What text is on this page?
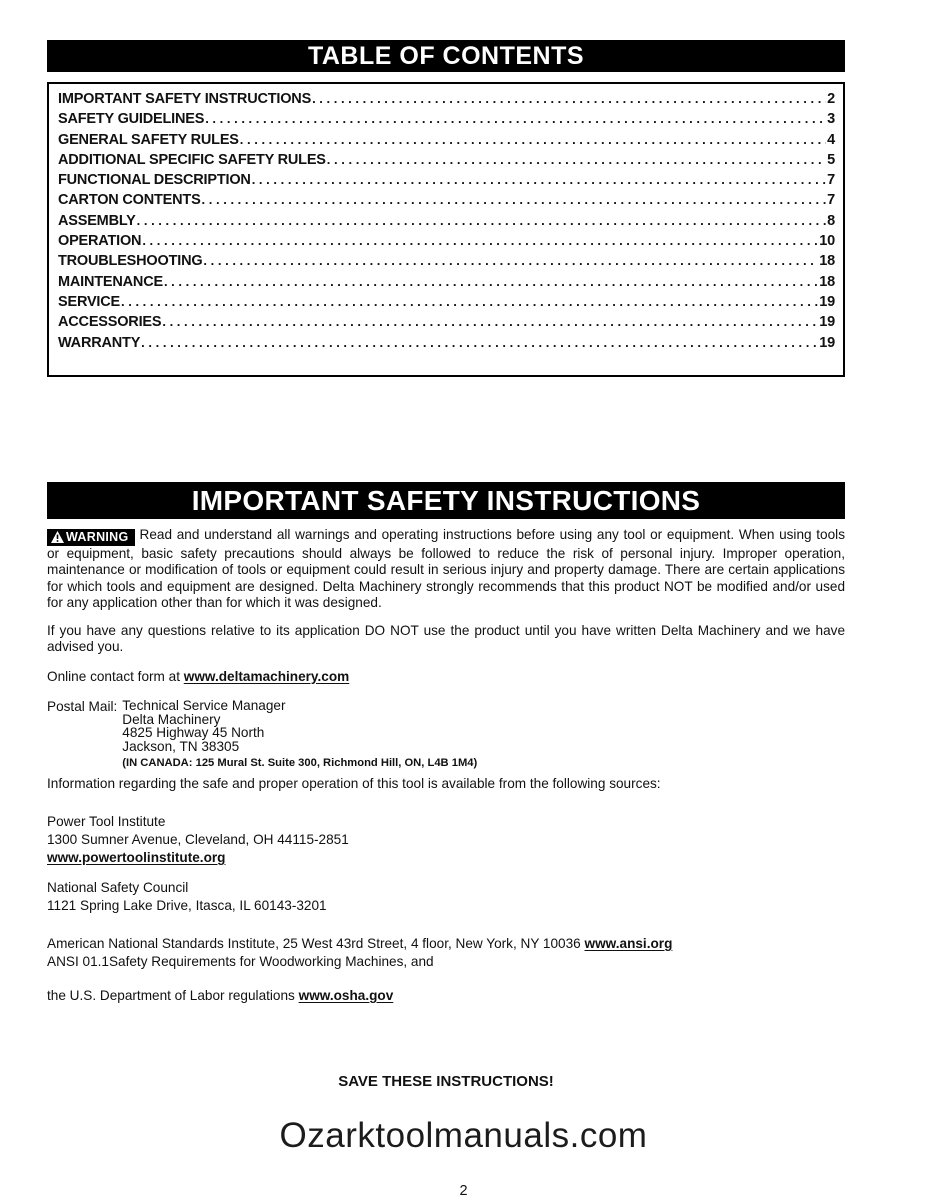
TABLE OF CONTENTS
IMPORTANT SAFETY INSTRUCTIONS . . .	2
SAFETY GUIDELINES . . .	3
GENERAL SAFETY RULES . . .	4
ADDITIONAL SPECIFIC SAFETY RULES . . .	5
FUNCTIONAL DESCRIPTION . . .	7
CARTON CONTENTS . . .	7
ASSEMBLY . . .	8
OPERATION . . .	10
TROUBLESHOOTING . . .	18
MAINTENANCE . . .	18
SERVICE . . .	19
ACCESSORIES . . .	19
WARRANTY . . .	19
IMPORTANT SAFETY INSTRUCTIONS

WARNING Read and understand all warnings and operating instructions before using any tool or equipment. When using tools or equipment, basic safety precautions should always be followed to reduce the risk of personal injury. Improper operation, maintenance or modification of tools or equipment could result in serious injury and property damage. There are certain applications for which tools and equipment are designed. Delta Machinery strongly recommends that this product NOT be modified and/or used for any application other than for which it was designed.

If you have any questions relative to its application DO NOT use the product until you have written Delta Machinery and we have advised you.

Online contact form at www.deltamachinery.com

Postal Mail: Technical Service Manager
Delta Machinery
4825 Highway 45 North
Jackson, TN 38305
(IN CANADA: 125 Mural St. Suite 300, Richmond Hill, ON, L4B 1M4)

Information regarding the safe and proper operation of this tool is available from the following sources:

Power Tool Institute
1300 Sumner Avenue, Cleveland, OH 44115-2851
www.powertoolinstitute.org
National Safety Council
1121 Spring Lake Drive, Itasca, IL 60143-3201
American National Standards Institute, 25 West 43rd Street, 4 floor, New York, NY 10036 www.ansi.org
ANSI 01.1Safety Requirements for Woodworking Machines, and

the U.S. Department of Labor regulations www.osha.gov

SAVE THESE INSTRUCTIONS!
Ozarktoolmanuals.com
2
